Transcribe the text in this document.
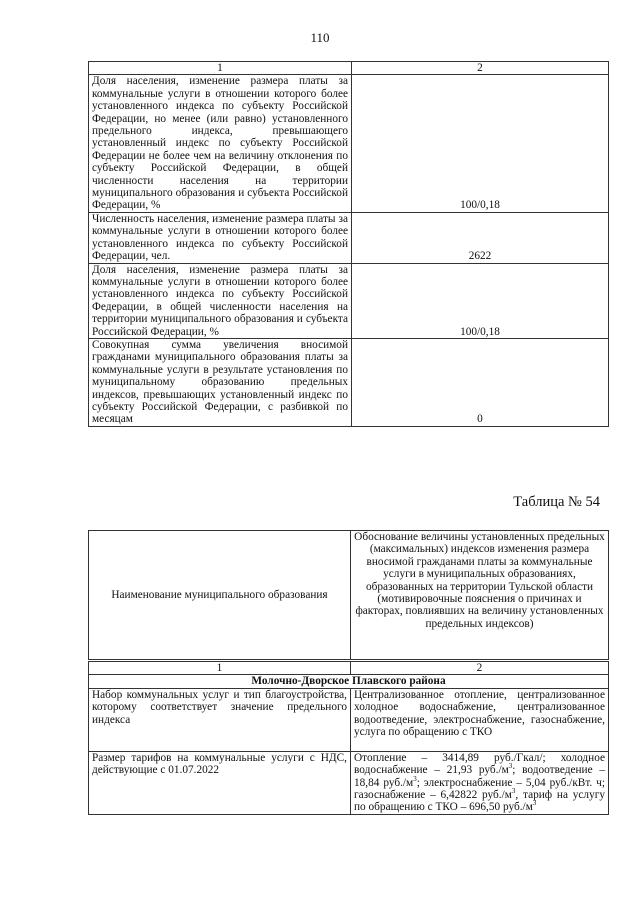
110
1	2
Доля населения, изменение размера платы за коммунальные услуги в отношении которого более установленного индекса по субъекту Российской Федерации, но менее (или равно) установленного предельного индекса, превышающего установленный индекс по субъекту Российской Федерации не более чем на величину отклонения по субъекту Российской Федерации, в общей численности населения на территории муниципального образования и субъекта Российской Федерации, %	100/0,18
Численность населения, изменение размера платы за коммунальные услуги в отношении которого более установленного индекса по субъекту Российской Федерации, чел.	2622
Доля населения, изменение размера платы за коммунальные услуги в отношении которого более установленного индекса по субъекту Российской Федерации, в общей численности населения на территории муниципального образования и субъекта Российской Федерации, %	100/0,18
Совокупная сумма увеличения вносимой гражданами муниципального образования платы за коммунальные услуги в результате установления по муниципальному образованию предельных индексов, превышающих установленный индекс по субъекту Российской Федерации, с разбивкой по месяцам	0
Таблица № 54
Наименование муниципального образования	Обоснование величины установленных предельных (максимальных) индексов изменения размера вносимой гражданами платы за коммунальные услуги в муниципальных образованиях, образованных на территории Тульской области (мотивировочные пояснения о причинах и факторах, повлиявших на величину установленных предельных индексов)
1	2
Молочно-Дворское Плавского района	
Набор коммунальных услуг и тип благоустройства, которому соответствует значение предельного индекса	Централизованное отопление, централизованное холодное водоснабжение, централизованное водоотведение, электроснабжение, газоснабжение, услуга по обращению с ТКО
Размер тарифов на коммунальные услуги с НДС, действующие с 01.07.2022	Отопление – 3414,89 руб./Гкал/; холодное водоснабжение – 21,93 $руб./м^3$; водоотведение – 18,84 $руб./м^3$; электроснабжение – 5,04 руб./кВт. ч; газоснабжение – 6,42822 $руб./м^3$, тариф на услугу по обращению с ТКО – 696,50 $руб./м^3$
